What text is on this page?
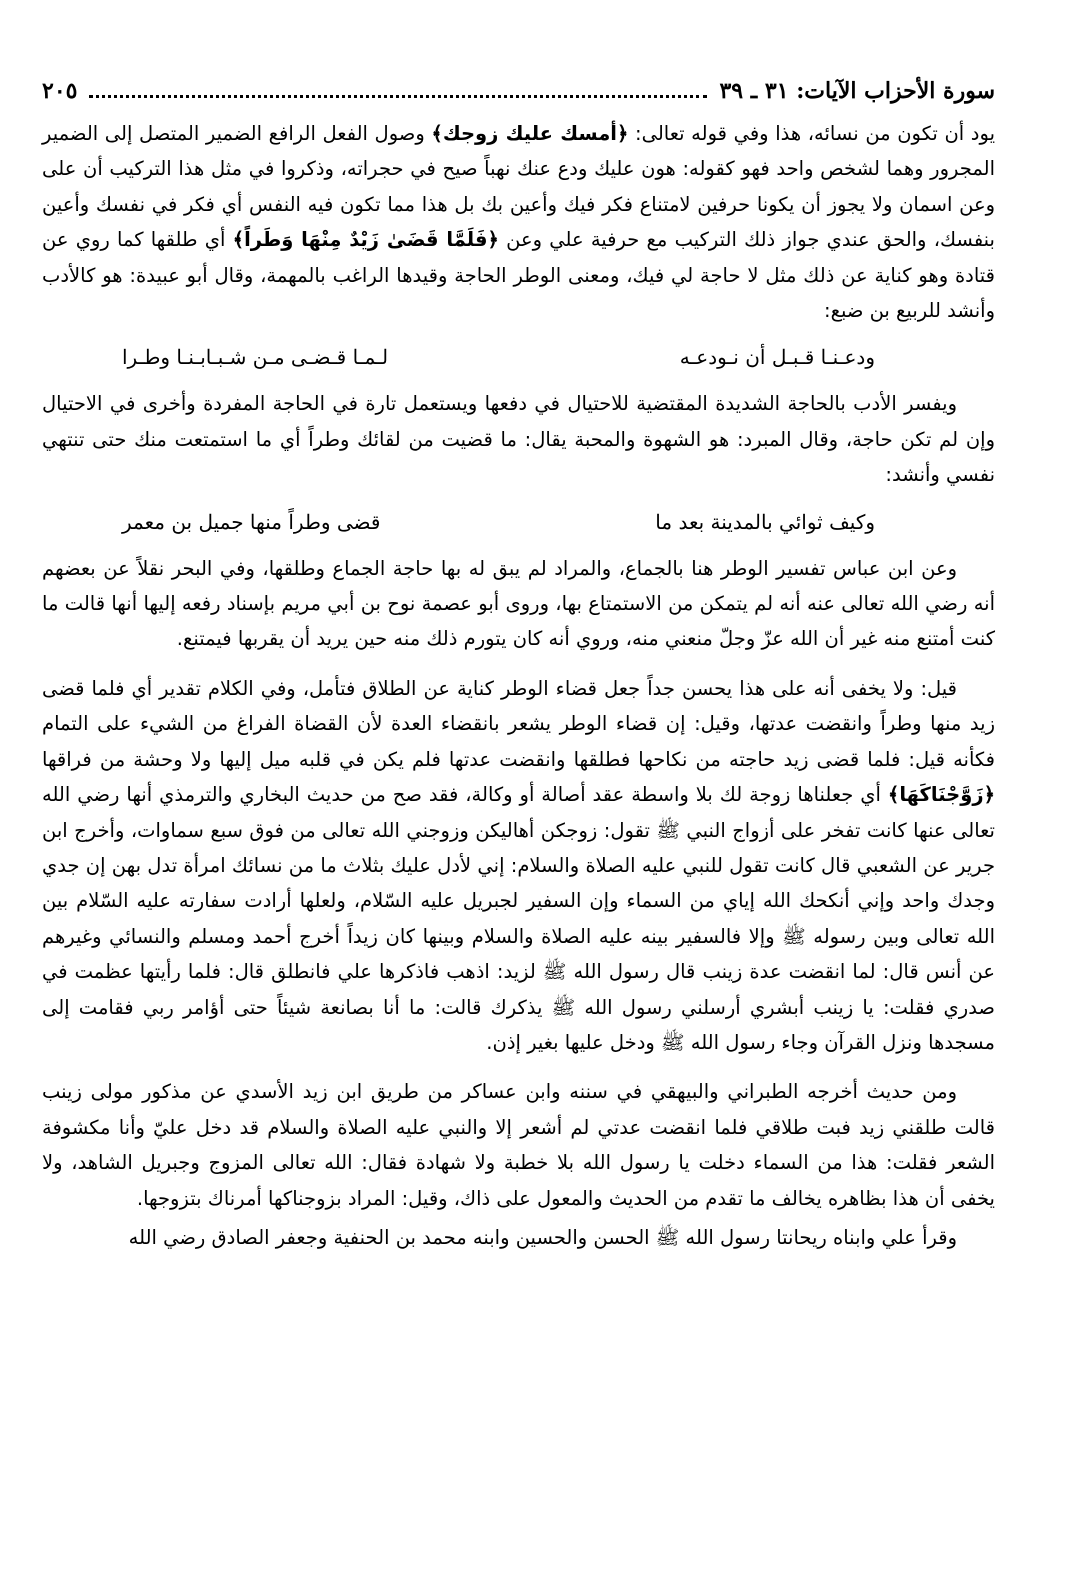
سورة الأحزاب الآيات: ٣١ ـ ٣٩
٢٠٥

يود أن تكون من نسائه، هذا وفي قوله تعالى: ﴿أمسك عليك زوجك﴾ وصول الفعل الرافع الضمير المتصل إلى الضمير المجرور وهما لشخص واحد فهو كقوله: هون عليك ودع عنك نهباً صيح في حجراته، وذكروا في مثل هذا التركيب أن على وعن اسمان ولا يجوز أن يكونا حرفين لامتناع فكر فيك وأعين بك بل هذا مما تكون فيه النفس أي فكر في نفسك وأعين بنفسك، والحق عندي جواز ذلك التركيب مع حرفية علي وعن ﴿فَلَمَّا قَضَىٰ زَيْدٌ مِنْهَا وَطَراً﴾ أي طلقها كما روي عن قتادة وهو كناية عن ذلك مثل لا حاجة لي فيك، ومعنى الوطر الحاجة وقيدها الراغب بالمهمة، وقال أبو عبيدة: هو كالأدب وأنشد للربيع بن ضبع:

ودعـنـا قـبـل أن نـودعـه
لـمـا قـضـى مـن شـبـابـنـا وطـرا

ويفسر الأدب بالحاجة الشديدة المقتضية للاحتيال في دفعها ويستعمل تارة في الحاجة المفردة وأخرى في الاحتيال وإن لم تكن حاجة، وقال المبرد: هو الشهوة والمحبة يقال: ما قضيت من لقائك وطراً أي ما استمتعت منك حتى تنتهي نفسي وأنشد:

وكيف ثوائي بالمدينة بعد ما
قضى وطراً منها جميل بن معمر

وعن ابن عباس تفسير الوطر هنا بالجماع، والمراد لم يبق له بها حاجة الجماع وطلقها، وفي البحر نقلاً عن بعضهم أنه رضي الله تعالى عنه أنه لم يتمكن من الاستمتاع بها، وروى أبو عصمة نوح بن أبي مريم بإسناد رفعه إليها أنها قالت ما كنت أمتنع منه غير أن الله عزّ وجلّ منعني منه، وروي أنه كان يتورم ذلك منه حين يريد أن يقربها فيمتنع.

قيل: ولا يخفى أنه على هذا يحسن جداً جعل قضاء الوطر كناية عن الطلاق فتأمل، وفي الكلام تقدير أي فلما قضى زيد منها وطراً وانقضت عدتها، وقيل: إن قضاء الوطر يشعر بانقضاء العدة لأن القضاة الفراغ من الشيء على التمام فكأنه قيل: فلما قضى زيد حاجته من نكاحها فطلقها وانقضت عدتها فلم يكن في قلبه ميل إليها ولا وحشة من فراقها ﴿زَوَّجْنَاكَهَا﴾ أي جعلناها زوجة لك بلا واسطة عقد أصالة أو وكالة، فقد صح من حديث البخاري والترمذي أنها رضي الله تعالى عنها كانت تفخر على أزواج النبي ﷺ تقول: زوجكن أهاليكن وزوجني الله تعالى من فوق سبع سماوات، وأخرج ابن جرير عن الشعبي قال كانت تقول للنبي عليه الصلاة والسلام: إني لأدل عليك بثلاث ما من نسائك امرأة تدل بهن إن جدي وجدك واحد وإني أنكحك الله إياي من السماء وإن السفير لجبريل عليه السّلام، ولعلها أرادت سفارته عليه السّلام بين الله تعالى وبين رسوله ﷺ وإلا فالسفير بينه عليه الصلاة والسلام وبينها كان زيداً أخرج أحمد ومسلم والنسائي وغيرهم عن أنس قال: لما انقضت عدة زينب قال رسول الله ﷺ لزيد: اذهب فاذكرها علي فانطلق قال: فلما رأيتها عظمت في صدري فقلت: يا زينب أبشري أرسلني رسول الله ﷺ يذكرك قالت: ما أنا بصانعة شيئاً حتى أؤامر ربي فقامت إلى مسجدها ونزل القرآن وجاء رسول الله ﷺ ودخل عليها بغير إذن.

ومن حديث أخرجه الطبراني والبيهقي في سننه وابن عساكر من طريق ابن زيد الأسدي عن مذكور مولى زينب قالت طلقني زيد فبت طلاقي فلما انقضت عدتي لم أشعر إلا والنبي عليه الصلاة والسلام قد دخل عليّ وأنا مكشوفة الشعر فقلت: هذا من السماء دخلت يا رسول الله بلا خطبة ولا شهادة فقال: الله تعالى المزوج وجبريل الشاهد، ولا يخفى أن هذا بظاهره يخالف ما تقدم من الحديث والمعول على ذاك، وقيل: المراد بزوجناكها أمرناك بتزوجها.

وقرأ علي وابناه ريحانتا رسول الله ﷺ الحسن والحسين وابنه محمد بن الحنفية وجعفر الصادق رضي الله
